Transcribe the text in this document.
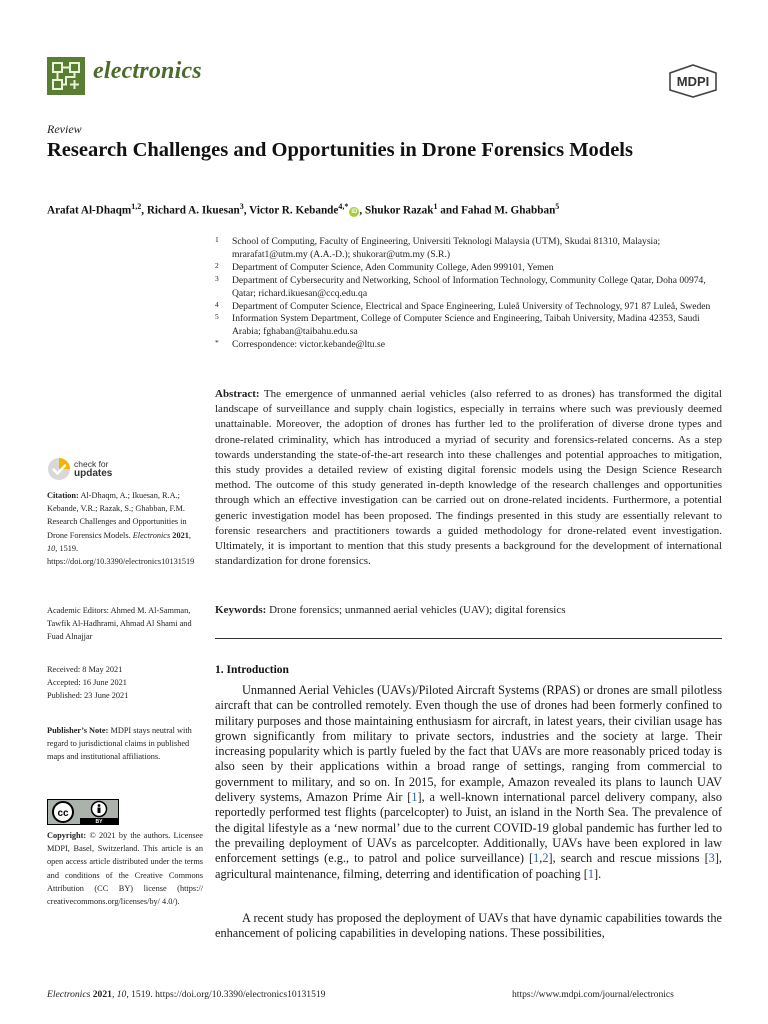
electronics	MDPI
Review
Research Challenges and Opportunities in Drone Forensics Models
Arafat Al-Dhaqm$^{1,2}$, Richard A. Ikuesan$^3$, Victor R. Kebande$^{4,*}$iD , Shukor Razak$^1$ and Fahad M. Ghabban$^5$
1 School of Computing, Faculty of Engineering, Universiti Teknologi Malaysia (UTM), Skudai 81310, Malaysia; mrarafat1@utm.my (A.A.-D.); shukorar@utm.my (S.R.)
2 Department of Computer Science, Aden Community College, Aden 999101, Yemen
3 Department of Cybersecurity and Networking, School of Information Technology, Community College Qatar, Doha 00974, Qatar; richard.ikuesan@ccq.edu.qa
4 Department of Computer Science, Electrical and Space Engineering, Luleå University of Technology, 971 87 Luleå, Sweden
5 Information System Department, College of Computer Science and Engineering, Taibah University, Madina 42353, Saudi Arabia; fghaban@taibahu.edu.sa
* Correspondence: victor.kebande@ltu.se

Abstract: The emergence of unmanned aerial vehicles (also referred to as drones) has transformed the digital landscape of surveillance and supply chain logistics, especially in terrains where such was previously deemed unattainable. Moreover, the adoption of drones has further led to the proliferation of diverse drone types and drone-related criminality, which has introduced a myriad of security and forensics-related concerns. As a step towards understanding the state-of-the-art research into these challenges and potential approaches to mitigation, this study provides a detailed review of existing digital forensic models using the Design Science Research method. The outcome of this study generated in-depth knowledge of the research challenges and opportunities through which an effective investigation can be carried out on drone-related incidents. Furthermore, a potential generic investigation model has been proposed. The findings presented in this study are essentially relevant to forensic researchers and practitioners towards a guided methodology for drone-related event investigation. Ultimately, it is important to mention that this study presents a background for the development of international standardization for drone forensics.

Keywords: Drone forensics; unmanned aerial vehicles (UAV); digital forensics

check for
updates
Citation: Al-Dhaqm, A.; Ikuesan, R.A.; Kebande, V.R.; Razak, S.; Ghabban, F.M. Research Challenges and Opportunities in Drone Forensics Models. Electronics 2021, 10, 1519. https://doi.org/10.3390/electronics10131519
Academic Editors: Ahmed M. Al-Samman, Tawfik Al-Hadhrami, Ahmad Al Shami and Fuad Alnajjar
Received: 8 May 2021
Accepted: 16 June 2021
Published: 23 June 2021
Publisher’s Note: MDPI stays neutral with regard to jurisdictional claims in published maps and institutional affiliations.
cc
BY
Copyright: © 2021 by the authors. Licensee MDPI, Basel, Switzerland. This article is an open access article distributed under the terms and conditions of the Creative Commons Attribution (CC BY) license (https:// creativecommons.org/licenses/by/ 4.0/).
1. Introduction

Unmanned Aerial Vehicles (UAVs)/Piloted Aircraft Systems (RPAS) or drones are small pilotless aircraft that can be controlled remotely. Even though the use of drones had been formerly confined to military purposes and those maintaining enthusiasm for aircraft, in latest years, their civilian usage has grown significantly from military to private sectors, industries and the society at large. Their increasing popularity which is partly fueled by the fact that UAVs are more reasonably priced today is also seen by their applications within a broad range of settings, ranging from commercial to government to military, and so on. In 2015, for example, Amazon revealed its plans to launch UAV delivery systems, Amazon Prime Air [1], a well-known international parcel delivery company, also reportedly performed test flights (parcelcopter) to Juist, an island in the North Sea. The prevalence of the digital lifestyle as a ‘new normal’ due to the current COVID-19 global pandemic has further led to the prevailing deployment of UAVs as parcelcopter. Additionally, UAVs have been explored in law enforcement settings (e.g., to patrol and police surveillance) [1,2], search and rescue missions [3], agricultural maintenance, filming, deterring and identification of poaching [1].

A recent study has proposed the deployment of UAVs that have dynamic capabilities towards the enhancement of policing capabilities in developing nations. These possibilities,

Electronics 2021, 10, 1519. https://doi.org/10.3390/electronics10131519	https://www.mdpi.com/journal/electronics
